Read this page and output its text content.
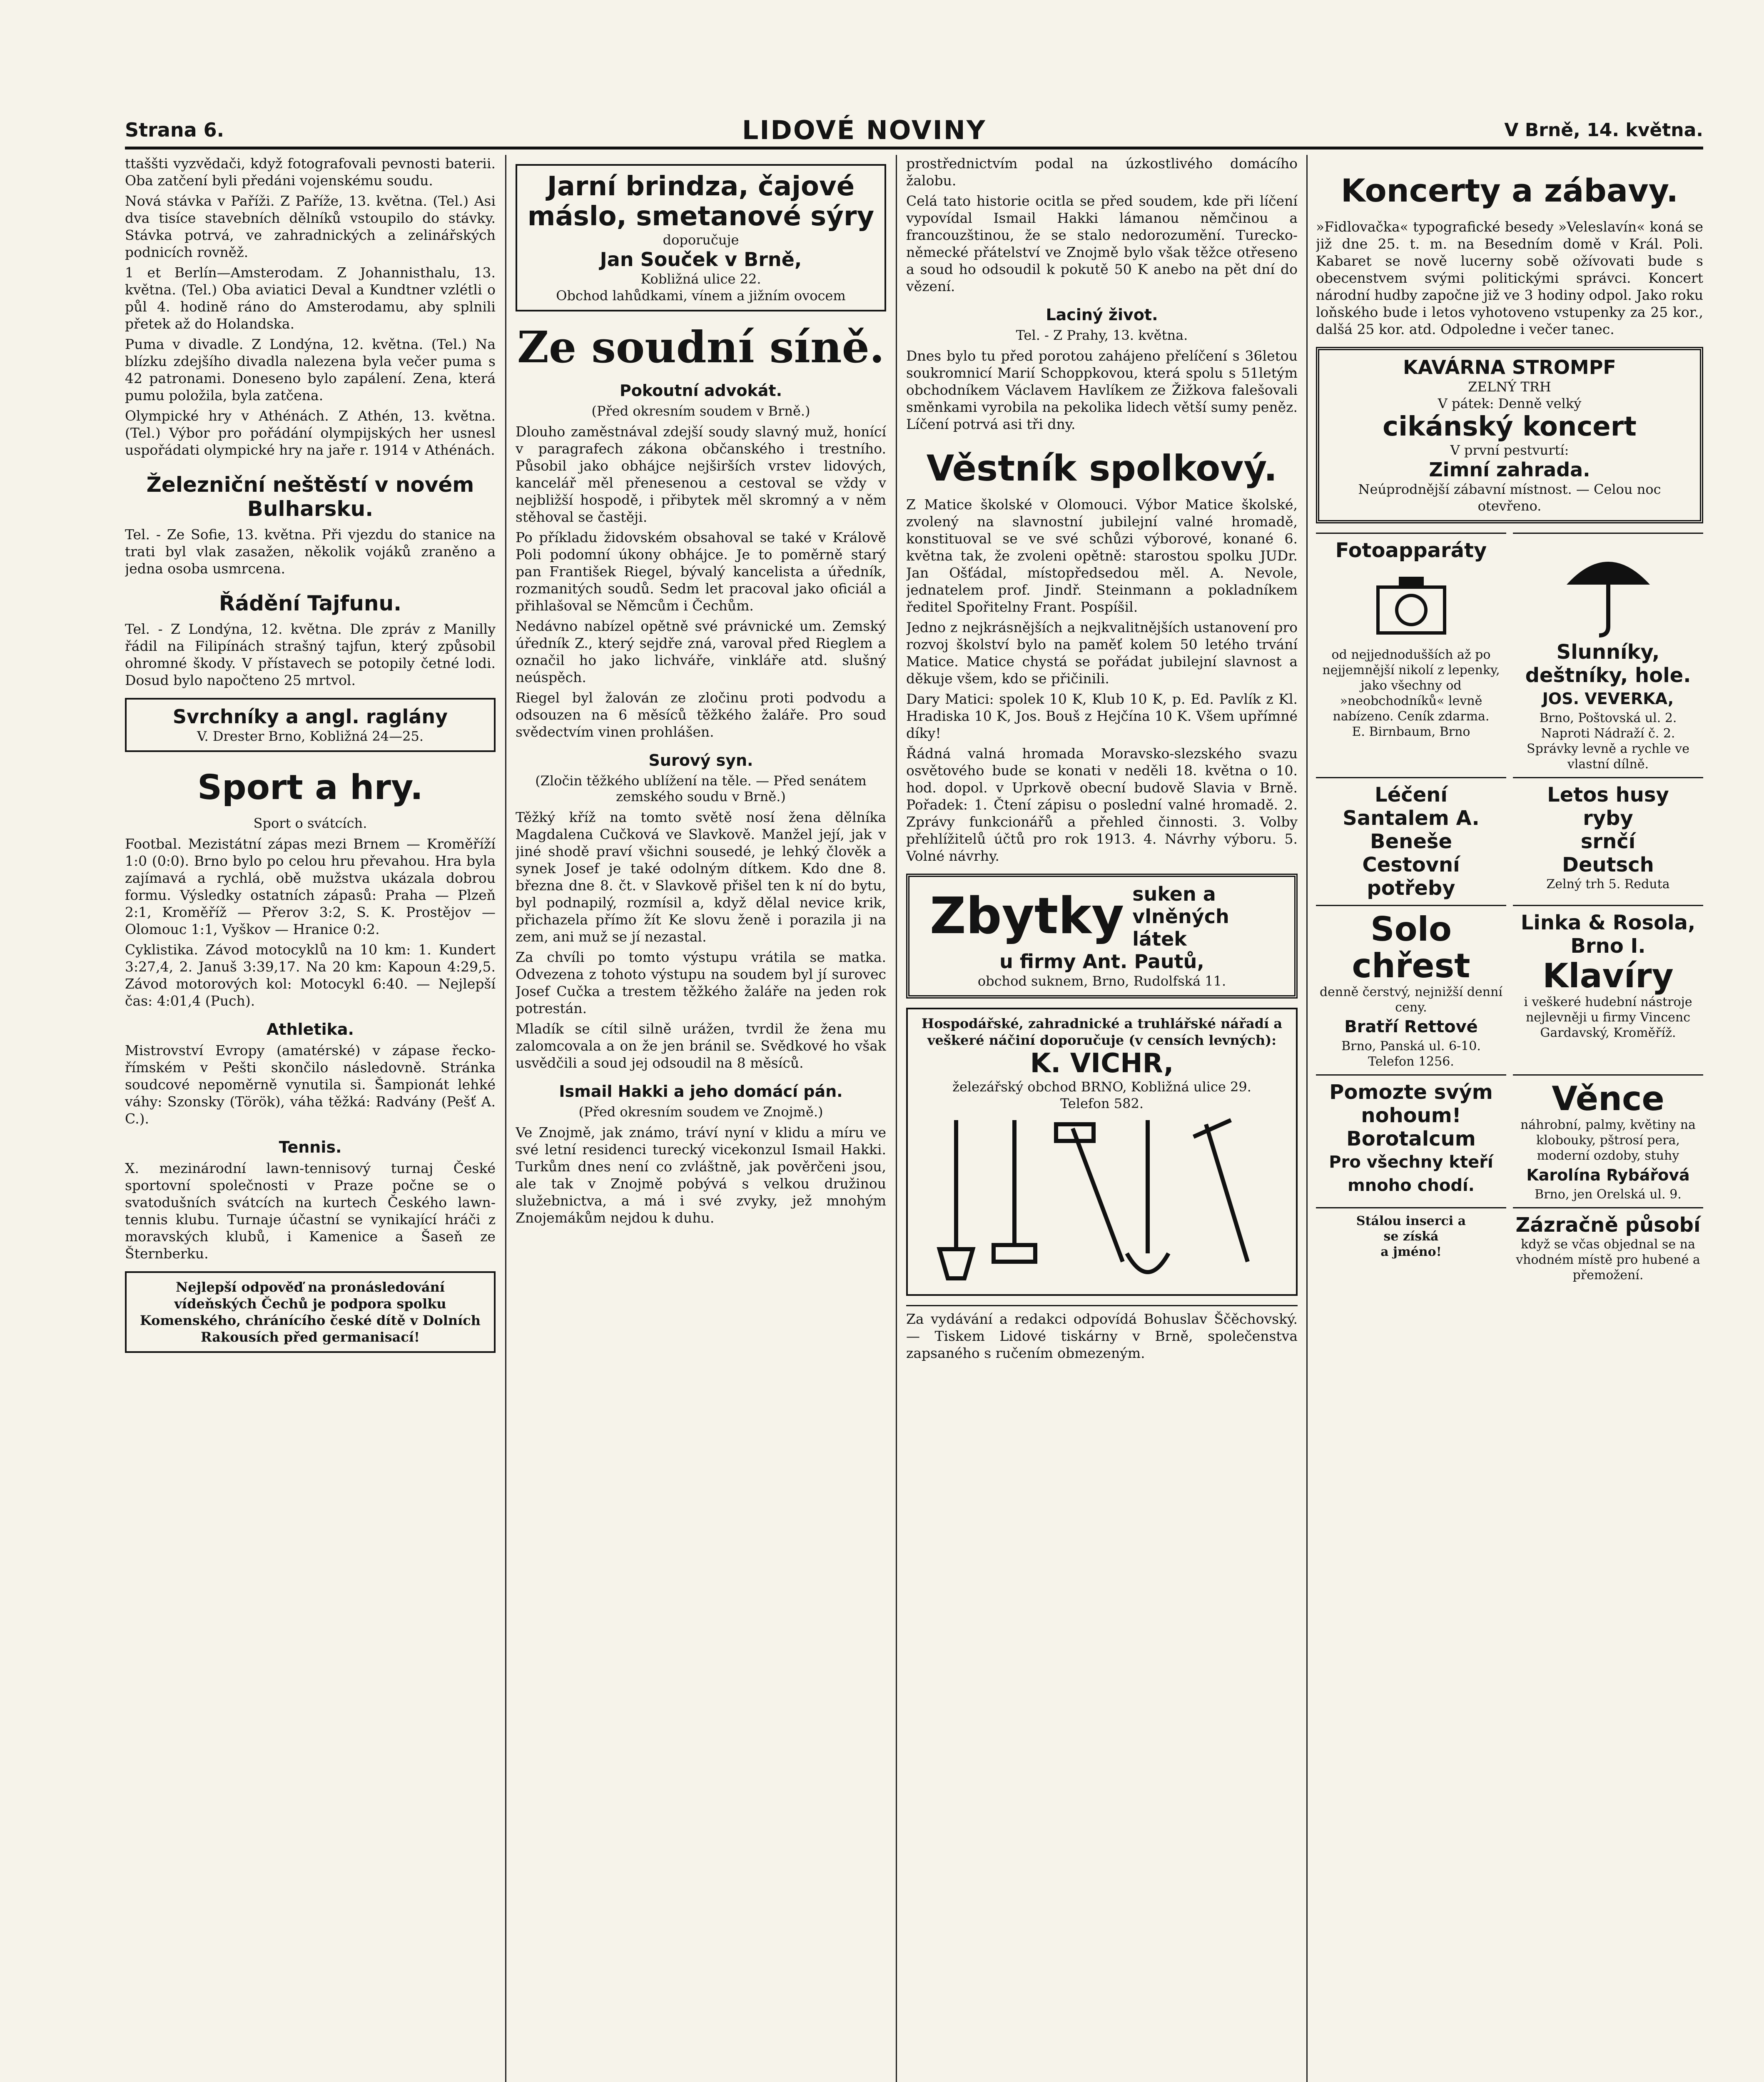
Strana 6.	LIDOVÉ NOVINY	V Brně, 14. května.

ttaššti vyzvědači, když fotografovali pevnosti baterii. Oba zatčení byli předáni vojenskému soudu.

Nová stávka v Paříži. Z Paříže, 13. května. (Tel.) Asi dva tisíce stavebních dělníků vstoupilo do stávky. Stávka potrvá, ve zahradnických a zelinářských podnicích rovněž.

1 et Berlín—Amsterodam. Z Johannisthalu, 13. května. (Tel.) Oba aviatici Deval a Kundtner vzlétli o půl 4. hodině ráno do Amsterodamu, aby splnili přetek až do Holandska.

Puma v divadle. Z Londýna, 12. května. (Tel.) Na blízku zdejšího divadla nalezena byla večer puma s 42 patronami. Doneseno bylo zapálení. Zena, která pumu položila, byla zatčena.

Olympické hry v Athénách. Z Athén, 13. května. (Tel.) Výbor pro pořádání olympijských her usnesl uspořádati olympické hry na jaře r. 1914 v Athénách.

Železniční neštěstí v novém Bulharsku.

Tel. - Ze Sofie, 13. května. Při vjezdu do stanice na trati byl vlak zasažen, několik vojáků zraněno a jedna osoba usmrcena.

Řádění Tajfunu.

Tel. - Z Londýna, 12. května. Dle zpráv z Manilly řádil na Filipínách strašný tajfun, který způsobil ohromné škody. V přístavech se potopily četné lodi. Dosud bylo napočteno 25 mrtvol.

Svrchníky a angl. raglány
V. Drester Brno, Kobližná 24—25.
Sport a hry.
Sport o svátcích.

Footbal. Mezistátní zápas mezi Brnem — Kroměříží 1:0 (0:0). Brno bylo po celou hru převahou. Hra byla zajímavá a rychlá, obě mužstva ukázala dobrou formu. Výsledky ostatních zápasů: Praha — Plzeň 2:1, Kroměříž — Přerov 3:2, S. K. Prostějov — Olomouc 1:1, Vyškov — Hranice 0:2.

Cyklistika. Závod motocyklů na 10 km: 1. Kundert 3:27,4, 2. Januš 3:39,17. Na 20 km: Kapoun 4:29,5. Závod motorových kol: Motocykl 6:40. — Nejlepší čas: 4:01,4 (Puch).

Athletika.

Mistrovství Evropy (amatérské) v zápase řecko-římském v Pešti skončilo následovně. Stránka soudcové nepoměrně vynutila si. Šampionát lehké váhy: Szonsky (Török), váha těžká: Radvány (Pešť A. C.).

Tennis.

X. mezinárodní lawn-tennisový turnaj České sportovní společnosti v Praze počne se o svatodušních svátcích na kurtech Českého lawn-tennis klubu. Turnaje účastní se vynikající hráči z moravských klubů, i Kamenice a Šaseň ze Šternberku.

Nejlepší odpověď na pronásledování vídeňských Čechů je podpora spolku Komenského, chránícího české dítě v Dolních Rakousích před germanisací!
Jarní brindza, čajové máslo, smetanové sýry
doporučuje
Jan Souček v Brně,
Kobližná ulice 22.
Obchod lahůdkami, vínem a jižním ovocem
Ze soudní síně.
Pokoutní advokát.
(Před okresním soudem v Brně.)

Dlouho zaměstnával zdejší soudy slavný muž, honící v paragrafech zákona občanského i trestního. Působil jako obhájce nejširších vrstev lidových, kancelář měl přenesenou a cestoval se vždy v nejbližší hospodě, i přibytek měl skromný a v něm stěhoval se častěji.

Po příkladu židovském obsahoval se také v Králově Poli podomní úkony obhájce. Je to poměrně starý pan František Riegel, bývalý kancelista a úředník, rozmanitých soudů. Sedm let pracoval jako oficiál a přihlašoval se Němcům i Čechům.

Nedávno nabízel opětně své právnické um. Zemský úředník Z., který sejdře zná, varoval před Rieglem a označil ho jako lichváře, vinkláře atd. slušný neúspěch.

Riegel byl žalován ze zločinu proti podvodu a odsouzen na 6 měsíců těžkého žaláře. Pro soud svědectvím vinen prohlášen.

Surový syn.
(Zločin těžkého ublížení na těle. — Před senátem zemského soudu v Brně.)

Těžký kříž na tomto světě nosí žena dělníka Magdalena Cučková ve Slavkově. Manžel její, jak v jiné shodě praví všichni sousedé, je lehký člověk a synek Josef je také odolným dítkem. Kdo dne 8. března dne 8. čt. v Slavkově přišel ten k ní do bytu, byl podnapilý, rozmísil a, když dělal nevice krik, přichazela přímo žít Ke slovu ženě i porazila ji na zem, ani muž se jí nezastal.

Za chvíli po tomto výstupu vrátila se matka. Odvezena z tohoto výstupu na soudem byl jí surovec Josef Cučka a trestem těžkého žaláře na jeden rok potrestán.

Mladík se cítil silně urážen, tvrdil že žena mu zalomcovala a on že jen bránil se. Svědkové ho však usvědčili a soud jej odsoudil na 8 měsíců.

Ismail Hakki a jeho domácí pán.
(Před okresním soudem ve Znojmě.)

Ve Znojmě, jak známo, tráví nyní v klidu a míru ve své letní residenci turecký vicekonzul Ismail Hakki. Turkům dnes není co zvláštně, jak pověrčeni jsou, ale tak v Znojmě pobývá s velkou družinou služebnictva, a má i své zvyky, jež mnohým Znojemákům nejdou k duhu.

prostřednictvím podal na úzkostlivého domácího žalobu.

Celá tato historie ocitla se před soudem, kde při líčení vypovídal Ismail Hakki lámanou němčinou a francouzštinou, že se stalo nedorozumění. Turecko-německé přátelství ve Znojmě bylo však těžce otřeseno a soud ho odsoudil k pokutě 50 K anebo na pět dní do vězení.

Laciný život.
Tel. - Z Prahy, 13. května.

Dnes bylo tu před porotou zahájeno přelíčení s 36letou soukromnicí Marií Schoppkovou, která spolu s 51letým obchodníkem Václavem Havlíkem ze Žižkova falešovali směnkami vyrobila na pekolika lidech větší sumy peněz. Líčení potrvá asi tři dny.

Věstník spolkový.

Z Matice školské v Olomouci. Výbor Matice školské, zvolený na slavnostní jubilejní valné hromadě, konstituoval se ve své schůzi výborové, konané 6. května tak, že zvoleni opětně: starostou spolku JUDr. Jan Ošťádal, místopředsedou měl. A. Nevole, jednatelem prof. Jindř. Steinmann a pokladníkem ředitel Spořitelny Frant. Pospíšil.

Jedno z nejkrásnějších a nejkvalitnějších ustanovení pro rozvoj školství bylo na paměť kolem 50 letého trvání Matice. Matice chystá se pořádat jubilejní slavnost a děkuje všem, kdo se přičinili.

Dary Matici: spolek 10 K, Klub 10 K, p. Ed. Pavlík z Kl. Hradiska 10 K, Jos. Bouš z Hejčína 10 K. Všem upřímné díky!

Řádná valná hromada Moravsko-slezského svazu osvětového bude se konati v neděli 18. května o 10. hod. dopol. v Uprkově obecní budově Slavia v Brně. Pořadek: 1. Čtení zápisu o poslední valné hromadě. 2. Zprávy funkcionářů a přehled činnosti. 3. Volby přehlížitelů účtů pro rok 1913. 4. Návrhy výboru. 5. Volné návrhy.

Zbytky suken a vlněných látek
u firmy Ant. Pautů,
obchod suknem, Brno, Rudolfská 11.
Hospodářské, zahradnické a truhlářské nářadí a veškeré náčiní doporučuje (v censích levných):
K. VICHR,
železářský obchod BRNO, Kobližná ulice 29.
Telefon 582.

Za vydávání a redakci odpovídá Bohuslav Ščěchovský. — Tiskem Lidové tiskárny v Brně, společenstva zapsaného s ručením obmezeným.

Koncerty a zábavy.

»Fidlovačka« typografické besedy »Veleslavín« koná se již dne 25. t. m. na Besedním domě v Král. Poli. Kabaret se nově lucerny sobě ožívovati bude s obecenstvem svými politickými správci. Koncert národní hudby započne již ve 3 hodiny odpol. Jako roku loňského bude i letos vyhotoveno vstupenky za 25 kor., dalšá 25 kor. atd. Odpoledne i večer tanec.

KAVÁRNA STROMPF
ZELNÝ TRH
V pátek: Denně velký
cikánský koncert
V první pestvurtí:
Zimní zahrada.
Neúprodnější zábavní místnost. — Celou noc otevřeno.
Fotoapparáty
od nejjednodušších až po nejjemnější nikolí z lepenky, jako všechny od »neobchodníků« levně nabízeno. Ceník zdarma.
E. Birnbaum, Brno
Slunníky, deštníky, hole.
JOS. VEVERKA,
Brno, Poštovská ul. 2. Naproti Nádraží č. 2.
Správky levně a rychle ve vlastní dílně.
Léčení Santalem A. Beneše
Cestovní potřeby
Letos husy
ryby
srnčí
Deutsch
Zelný trh 5. Reduta
Solo chřest
denně čerstvý, nejnižší denní ceny.
Bratří Rettové
Brno, Panská ul. 6-10.
Telefon 1256.
Linka & Rosola, Brno I.
Klavíry
i veškeré hudební nástroje nejlevněji u firmy Vincenc Gardavský, Kroměříž.
Pomozte svým nohoum!
Borotalcum
Pro všechny kteří mnoho chodí.
Věnce
náhrobní, palmy, květiny na klobouky, pštrosí pera, moderní ozdoby, stuhy
Karolína Rybářová
Brno, jen Orelská ul. 9.
Stálou inserci a
se získá
a jméno!
Zázračně působí
když se včas objednal se na vhodném místě pro hubené a přemožení.
